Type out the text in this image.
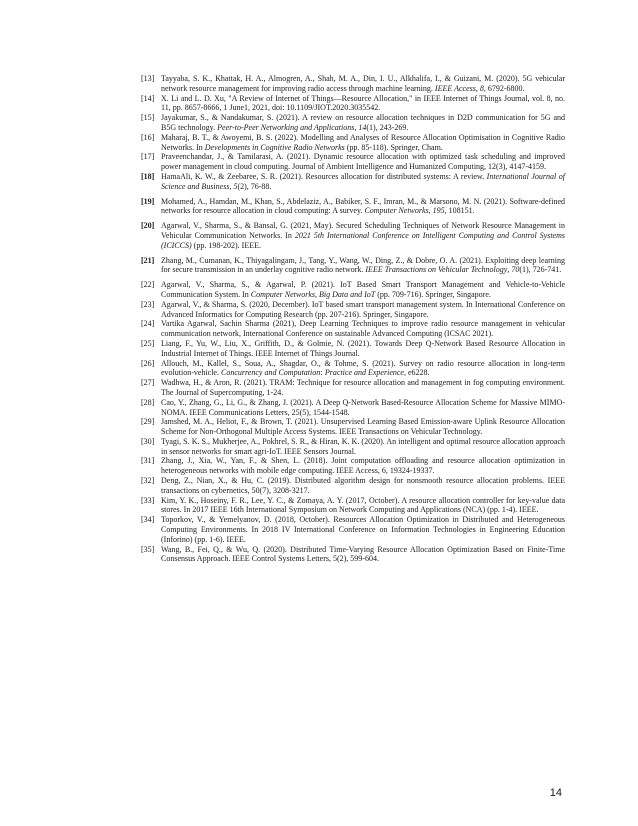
[13] Tayyaba, S. K., Khattak, H. A., Almogren, A., Shah, M. A., Din, I. U., Alkhalifa, I., & Guizani, M. (2020). 5G vehicular network resource management for improving radio access through machine learning. IEEE Access, 8, 6792-6800.
[14] X. Li and L. D. Xu, "A Review of Internet of Things—Resource Allocation," in IEEE Internet of Things Journal, vol. 8, no. 11, pp. 8657-8666, 1 June1, 2021, doi: 10.1109/JIOT.2020.3035542.
[15] Jayakumar, S., & Nandakumar, S. (2021). A review on resource allocation techniques in D2D communication for 5G and B5G technology. Peer-to-Peer Networking and Applications, 14(1), 243-269.
[16] Maharaj, B. T., & Awoyemi, B. S. (2022). Modelling and Analyses of Resource Allocation Optimisation in Cognitive Radio Networks. In Developments in Cognitive Radio Networks (pp. 85-118). Springer, Cham.
[17] Praveenchandar, J., & Tamilarasi, A. (2021). Dynamic resource allocation with optimized task scheduling and improved power management in cloud computing. Journal of Ambient Intelligence and Humanized Computing, 12(3), 4147-4159.
[18] HamaAli, K. W., & Zeebaree, S. R. (2021). Resources allocation for distributed systems: A review. International Journal of Science and Business, 5(2), 76-88.
[19] Mohamed, A., Hamdan, M., Khan, S., Abdelaziz, A., Babiker, S. F., Imran, M., & Marsono, M. N. (2021). Software-defined networks for resource allocation in cloud computing: A survey. Computer Networks, 195, 108151.
[20] Agarwal, V., Sharma, S., & Bansal, G. (2021, May). Secured Scheduling Techniques of Network Resource Management in Vehicular Communication Networks. In 2021 5th International Conference on Intelligent Computing and Control Systems (ICICCS) (pp. 198-202). IEEE.
[21] Zhang, M., Cumanan, K., Thiyagalingam, J., Tang, Y., Wang, W., Ding, Z., & Dobre, O. A. (2021). Exploiting deep learning for secure transmission in an underlay cognitive radio network. IEEE Transactions on Vehicular Technology, 70(1), 726-741.
[22] Agarwal, V., Sharma, S., & Agarwal, P. (2021). IoT Based Smart Transport Management and Vehicle-to-Vehicle Communication System. In Computer Networks, Big Data and IoT (pp. 709-716). Springer, Singapore.
[23] Agarwal, V., & Sharma, S. (2020, December). IoT based smart transport management system. In International Conference on Advanced Informatics for Computing Research (pp. 207-216). Springer, Singapore.
[24] Vartika Agarwal, Sachin Sharma (2021), Deep Learning Techniques to improve radio resource management in vehicular communication network, International Conference on sustainable Advanced Computing (ICSAC 2021).
[25] Liang, F., Yu, W., Liu, X., Griffith, D., & Golmie, N. (2021). Towards Deep Q-Network Based Resource Allocation in Industrial Internet of Things. IEEE Internet of Things Journal.
[26] Allouch, M., Kallel, S., Soua, A., Shagdar, O., & Tohme, S. (2021). Survey on radio resource allocation in long-term evolution-vehicle. Concurrency and Computation: Practice and Experience, e6228.
[27] Wadhwa, H., & Aron, R. (2021). TRAM: Technique for resource allocation and management in fog computing environment. The Journal of Supercomputing, 1-24.
[28] Cao, Y., Zhang, G., Li, G., & Zhang, J. (2021). A Deep Q-Network Based-Resource Allocation Scheme for Massive MIMO-NOMA. IEEE Communications Letters, 25(5), 1544-1548.
[29] Jamshed, M. A., Heliot, F., & Brown, T. (2021). Unsupervised Learning Based Emission-aware Uplink Resource Allocation Scheme for Non-Orthogonal Multiple Access Systems. IEEE Transactions on Vehicular Technology.
[30] Tyagi, S. K. S., Mukherjee, A., Pokhrel, S. R., & Hiran, K. K. (2020). An intelligent and optimal resource allocation approach in sensor networks for smart agri-IoT. IEEE Sensors Journal.
[31] Zhang, J., Xia, W., Yan, F., & Shen, L. (2018). Joint computation offloading and resource allocation optimization in heterogeneous networks with mobile edge computing. IEEE Access, 6, 19324-19337.
[32] Deng, Z., Nian, X., & Hu, C. (2019). Distributed algorithm design for nonsmooth resource allocation problems. IEEE transactions on cybernetics, 50(7), 3208-3217.
[33] Kim, Y. K., Hoseiny, F. R., Lee, Y. C., & Zomaya, A. Y. (2017, October). A resource allocation controller for key-value data stores. In 2017 IEEE 16th International Symposium on Network Computing and Applications (NCA) (pp. 1-4). IEEE.
[34] Toporkov, V., & Yemelyanov, D. (2018, October). Resources Allocation Optimization in Distributed and Heterogeneous Computing Environments. In 2018 IV International Conference on Information Technologies in Engineering Education (Inforino) (pp. 1-6). IEEE.
[35] Wang, B., Fei, Q., & Wu, Q. (2020). Distributed Time-Varying Resource Allocation Optimization Based on Finite-Time Consensus Approach. IEEE Control Systems Letters, 5(2), 599-604.
14
